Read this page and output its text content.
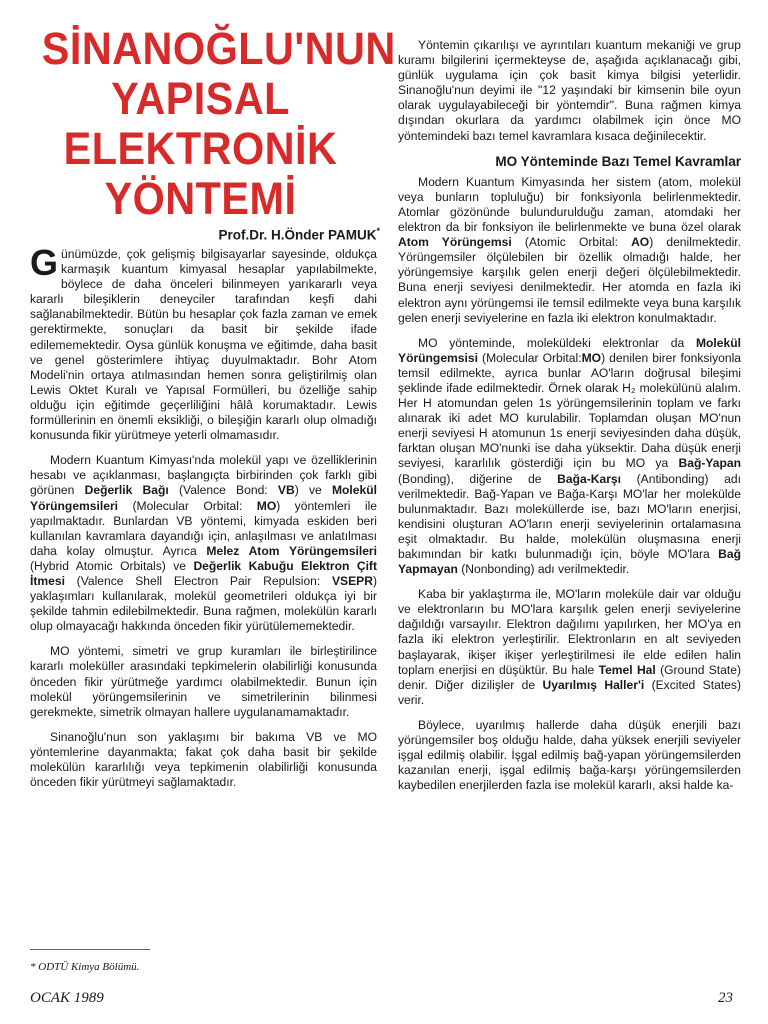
SİNANOĞLU'NUN
YAPISAL
ELEKTRONİK
YÖNTEMİ
Prof.Dr. H.Önder PAMUK*

Günümüzde, çok gelişmiş bilgisayarlar sayesinde, oldukça karmaşık kuantum kimyasal hesaplar yapılabilmekte, böylece de daha önceleri bilinmeyen yarıkararlı veya kararlı bileşiklerin deneyciler tarafından keşfi dahi sağlanabilmektedir. Bütün bu hesaplar çok fazla zaman ve emek gerektirmekte, sonuçları da basit bir şekilde ifade edilememektedir. Oysa günlük konuşma ve eğitimde, daha basit ve genel gösterimlere ihtiyaç duyulmaktadır. Bohr Atom Modeli'nin ortaya atılmasından hemen sonra geliştirilmiş olan Lewis Oktet Kuralı ve Yapısal Formülleri, bu özelliğe sahip olduğu için eğitimde geçerliliğini hâlâ korumaktadır. Lewis formüllerinin en önemli eksikliği, o bileşiğin kararlı olup olmadığı konusunda fikir yürütmeye yeterli olmamasıdır.

Modern Kuantum Kimyası'nda molekül yapı ve özelliklerinin hesabı ve açıklanması, başlangıçta birbirinden çok farklı gibi görünen Değerlik Bağı (Valence Bond: VB) ve Molekül Yörüngemsileri (Molecular Orbital: MO) yöntemleri ile yapılmaktadır. Bunlardan VB yöntemi, kimyada eskiden beri kullanılan kavramlara dayandığı için, anlaşılması ve anlatılması daha kolay olmuştur. Ayrıca Melez Atom Yörüngemsileri (Hybrid Atomic Orbitals) ve Değerlik Kabuğu Elektron Çift İtmesi (Valence Shell Electron Pair Repulsion: VSEPR) yaklaşımları kullanılarak, molekül geometrileri oldukça iyi bir şekilde tahmin edilebilmektedir. Buna rağmen, molekülün kararlı olup olmayacağı hakkında önceden fikir yürütülememektedir.

MO yöntemi, simetri ve grup kuramları ile birleştirilince kararlı moleküller arasındaki tepkimelerin olabilirliği konusunda önceden fikir yürütmeğe yardımcı olabilmektedir. Bunun için molekül yörüngemsilerinin ve simetrilerinin bilinmesi gerekmekte, simetrik olmayan hallere uygulanamamaktadır.

Sinanoğlu'nun son yaklaşımı bir bakıma VB ve MO yöntemlerine dayanmakta; fakat çok daha basit bir şekilde molekülün kararlılığı veya tepkimenin olabilirliği konusunda önceden fikir yürütmeyi sağlamaktadır.

* ODTÜ Kimya Bölümü.

Yöntemin çıkarılışı ve ayrıntıları kuantum mekaniği ve grup kuramı bilgilerini içermekteyse de, aşağıda açıklanacağı gibi, günlük uygulama için çok basit kimya bilgisi yeterlidir. Sinanoğlu'nun deyimi ile "12 yaşındaki bir kimsenin bile oyun olarak uygulayabileceği bir yöntemdir". Buna rağmen kimya dışından okurlara da yardımcı olabilmek için önce MO yöntemindeki bazı temel kavramlara kısaca değinilecektir.

MO Yönteminde Bazı Temel Kavramlar

Modern Kuantum Kimyasında her sistem (atom, molekül veya bunların topluluğu) bir fonksiyonla belirlenmektedir. Atomlar gözönünde bulundurulduğu zaman, atomdaki her elektron da bir fonksiyon ile belirlenmekte ve buna özel olarak Atom Yörüngemsi (Atomic Orbital: AO) denilmektedir. Yörüngemsiler ölçülebilen bir özellik olmadığı halde, her yörüngemsiye karşılık gelen enerji değeri ölçülebilmektedir. Buna enerji seviyesi denilmektedir. Her atomda en fazla iki elektron aynı yörüngemsi ile temsil edilmekte veya buna karşılık gelen enerji seviyelerine en fazla iki elektron konulmaktadır.

MO yönteminde, moleküldeki elektronlar da Molekül Yörüngemsisi (Molecular Orbital:MO) denilen birer fonksiyonla temsil edilmekte, ayrıca bunlar AO'ların doğrusal bileşimi şeklinde ifade edilmektedir. Örnek olarak H₂ molekülünü alalım. Her H atomundan gelen 1s yörüngemsilerinin toplam ve farkı alınarak iki adet MO kurulabilir. Toplamdan oluşan MO'nun enerji seviyesi H atomunun 1s enerji seviyesinden daha düşük, farktan oluşan MO'nunki ise daha yüksektir. Daha düşük enerji seviyesi, kararlılık gösterdiği için bu MO ya Bağ-Yapan (Bonding), diğerine de Bağa-Karşı (Antibonding) adı verilmektedir. Bağ-Yapan ve Bağa-Karşı MO'lar her molekülde bulunmaktadır. Bazı moleküllerde ise, bazı MO'ların enerjisi, kendisini oluşturan AO'ların enerji seviyelerinin ortalamasına eşit olmaktadır. Bu halde, molekülün oluşmasına enerji bakımından bir katkı bulunmadığı için, böyle MO'lara Bağ Yapmayan (Nonbonding) adı verilmektedir.

Kaba bir yaklaştırma ile, MO'ların moleküle dair var olduğu ve elektronların bu MO'lara karşılık gelen enerji seviyelerine dağıldığı varsayılır. Elektron dağılımı yapılırken, her MO'ya en fazla iki elektron yerleştirilir. Elektronların en alt seviyeden başlayarak, ikişer ikişer yerleştirilmesi ile elde edilen halin toplam enerjisi en düşüktür. Bu hale Temel Hal (Ground State) denir. Diğer dizilişler de Uyarılmış Haller'i (Excited States) verir.

Böylece, uyarılmış hallerde daha düşük enerjili bazı yörüngemsiler boş olduğu halde, daha yüksek enerjili seviyeler işgal edilmiş olabilir. İşgal edilmiş bağ-yapan yörüngemsilerden kazanılan enerji, işgal edilmiş bağa-karşı yörüngemsilerden kaybedilen enerjilerden fazla ise molekül kararlı, aksi halde ka-

OCAK 1989	23
